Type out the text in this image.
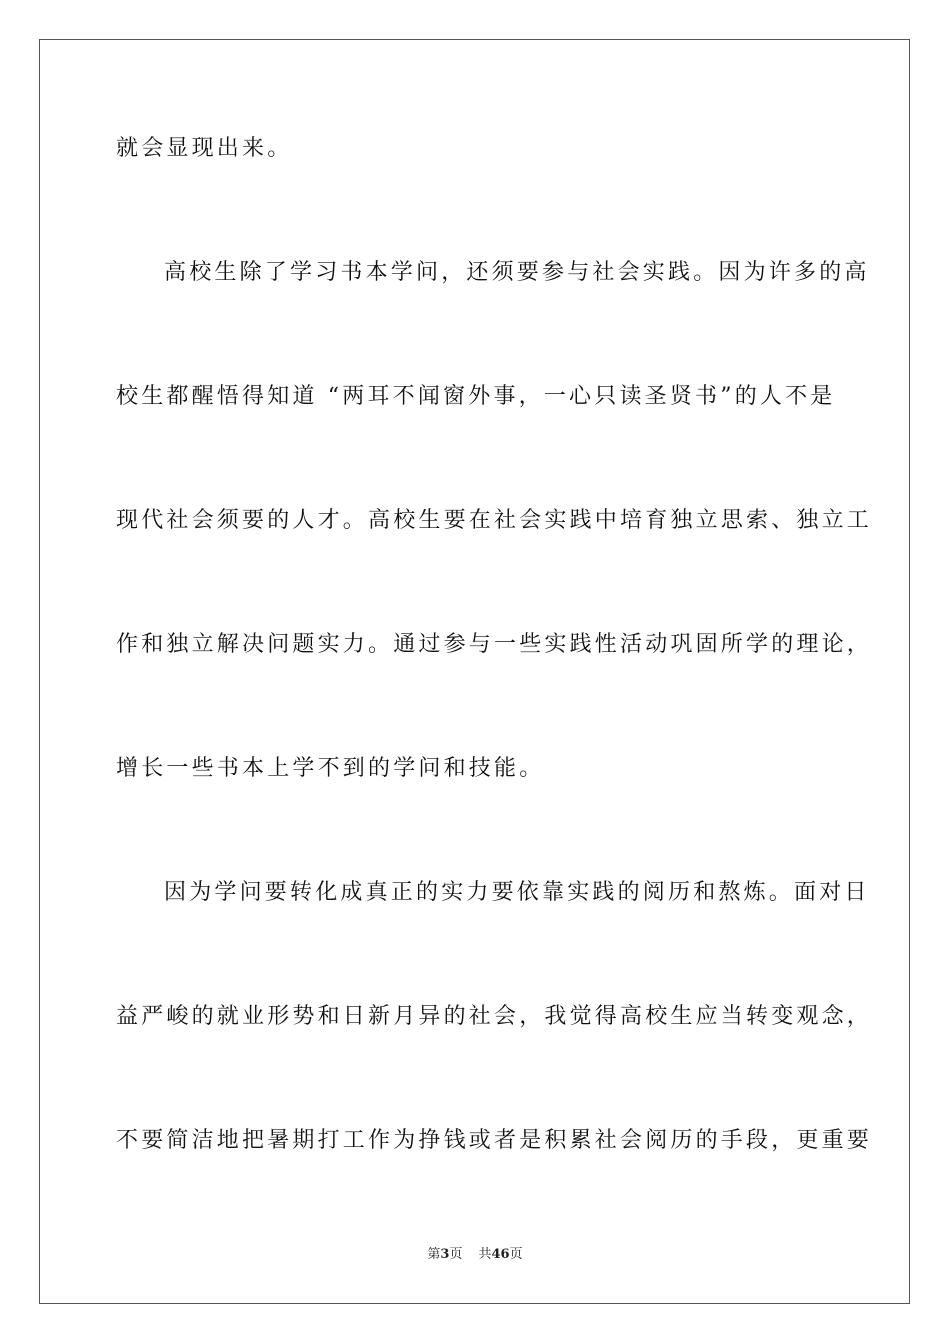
就会显现出来。
高校生除了学习书本学问，还须要参与社会实践。因为许多的高
校生都醒悟得知道 “两耳不闻窗外事，一心只读圣贤书”的人不是
现代社会须要的人才。高校生要在社会实践中培育独立思索、独立工
作和独立解决问题实力。通过参与一些实践性活动巩固所学的理论，
增长一些书本上学不到的学问和技能。
因为学问要转化成真正的实力要依靠实践的阅历和熬炼。面对日
益严峻的就业形势和日新月异的社会，我觉得高校生应当转变观念，
不要简洁地把暑期打工作为挣钱或者是积累社会阅历的手段，更重要
第3页 共46页
